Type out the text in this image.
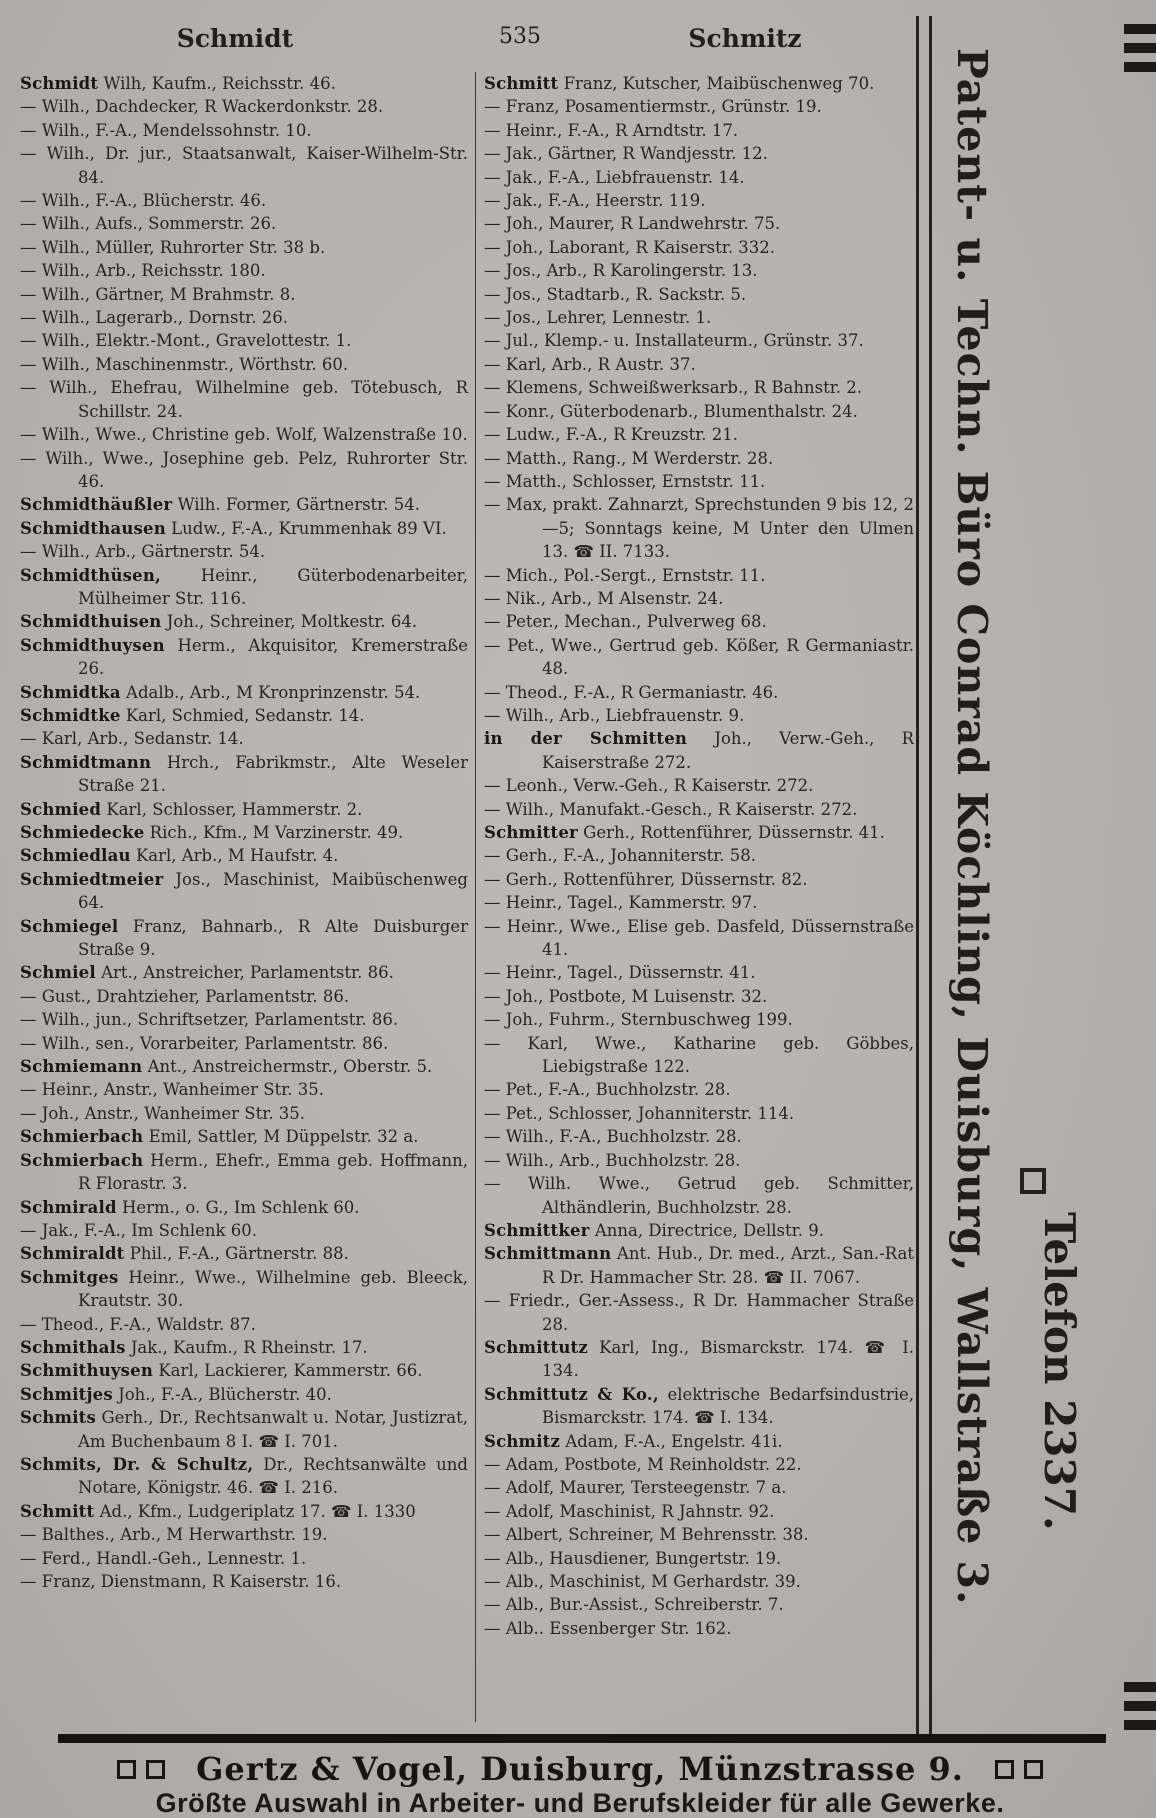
Schmidt	535	Schmitz

Schmidt Wilh, Kaufm., Reichsstr. 46.

— Wilh., Dachdecker, R Wackerdonkstr. 28.

— Wilh., F.-A., Mendelssohnstr. 10.

— Wilh., Dr. jur., Staatsanwalt, Kaiser-Wilhelm-Str. 84.

— Wilh., F.-A., Blücherstr. 46.

— Wilh., Aufs., Sommerstr. 26.

— Wilh., Müller, Ruhrorter Str. 38 b.

— Wilh., Arb., Reichsstr. 180.

— Wilh., Gärtner, M Brahmstr. 8.

— Wilh., Lagerarb., Dornstr. 26.

— Wilh., Elektr.-Mont., Gravelottestr. 1.

— Wilh., Maschinenmstr., Wörthstr. 60.

— Wilh., Ehefrau, Wilhelmine geb. Tötebusch, R Schillstr. 24.

— Wilh., Wwe., Christine geb. Wolf, Walzenstraße 10.

— Wilh., Wwe., Josephine geb. Pelz, Ruhrorter Str. 46.

Schmidthäußler Wilh. Former, Gärtnerstr. 54.

Schmidthausen Ludw., F.-A., Krummenhak 89 VI.

— Wilh., Arb., Gärtnerstr. 54.

Schmidthüsen, Heinr., Güterbodenarbeiter, Mülheimer Str. 116.

Schmidthuisen Joh., Schreiner, Moltkestr. 64.

Schmidthuysen Herm., Akquisitor, Kremerstraße 26.

Schmidtka Adalb., Arb., M Kronprinzenstr. 54.

Schmidtke Karl, Schmied, Sedanstr. 14.

— Karl, Arb., Sedanstr. 14.

Schmidtmann Hrch., Fabrikmstr., Alte Weseler Straße 21.

Schmied Karl, Schlosser, Hammerstr. 2.

Schmiedecke Rich., Kfm., M Varzinerstr. 49.

Schmiedlau Karl, Arb., M Haufstr. 4.

Schmiedtmeier Jos., Maschinist, Maibüschenweg 64.

Schmiegel Franz, Bahnarb., R Alte Duisburger Straße 9.

Schmiel Art., Anstreicher, Parlamentstr. 86.

— Gust., Drahtzieher, Parlamentstr. 86.

— Wilh., jun., Schriftsetzer, Parlamentstr. 86.

— Wilh., sen., Vorarbeiter, Parlamentstr. 86.

Schmiemann Ant., Anstreichermstr., Oberstr. 5.

— Heinr., Anstr., Wanheimer Str. 35.

— Joh., Anstr., Wanheimer Str. 35.

Schmierbach Emil, Sattler, M Düppelstr. 32 a.

Schmierbach Herm., Ehefr., Emma geb. Hoffmann, R Florastr. 3.

Schmirald Herm., o. G., Im Schlenk 60.

— Jak., F.-A., Im Schlenk 60.

Schmiraldt Phil., F.-A., Gärtnerstr. 88.

Schmitges Heinr., Wwe., Wilhelmine geb. Bleeck, Krautstr. 30.

— Theod., F.-A., Waldstr. 87.

Schmithals Jak., Kaufm., R Rheinstr. 17.

Schmithuysen Karl, Lackierer, Kammerstr. 66.

Schmitjes Joh., F.-A., Blücherstr. 40.

Schmits Gerh., Dr., Rechtsanwalt u. Notar, Justizrat, Am Buchenbaum 8 I. ☎ I. 701.

Schmits, Dr. & Schultz, Dr., Rechtsanwälte und Notare, Königstr. 46. ☎ I. 216.

Schmitt Ad., Kfm., Ludgeriplatz 17. ☎ I. 1330

— Balthes., Arb., M Herwarthstr. 19.

— Ferd., Handl.-Geh., Lennestr. 1.

— Franz, Dienstmann, R Kaiserstr. 16.

Schmitt Franz, Kutscher, Maibüschenweg 70.

— Franz, Posamentiermstr., Grünstr. 19.

— Heinr., F.-A., R Arndtstr. 17.

— Jak., Gärtner, R Wandjesstr. 12.

— Jak., F.-A., Liebfrauenstr. 14.

— Jak., F.-A., Heerstr. 119.

— Joh., Maurer, R Landwehrstr. 75.

— Joh., Laborant, R Kaiserstr. 332.

— Jos., Arb., R Karolingerstr. 13.

— Jos., Stadtarb., R. Sackstr. 5.

— Jos., Lehrer, Lennestr. 1.

— Jul., Klemp.- u. Installateurm., Grünstr. 37.

— Karl, Arb., R Austr. 37.

— Klemens, Schweißwerksarb., R Bahnstr. 2.

— Konr., Güterbodenarb., Blumenthalstr. 24.

— Ludw., F.-A., R Kreuzstr. 21.

— Matth., Rang., M Werderstr. 28.

— Matth., Schlosser, Ernststr. 11.

— Max, prakt. Zahnarzt, Sprechstunden 9 bis 12, 2—5; Sonntags keine, M Unter den Ulmen 13. ☎ II. 7133.

— Mich., Pol.-Sergt., Ernststr. 11.

— Nik., Arb., M Alsenstr. 24.

— Peter., Mechan., Pulverweg 68.

— Pet., Wwe., Gertrud geb. Kößer, R Germaniastr. 48.

— Theod., F.-A., R Germaniastr. 46.

— Wilh., Arb., Liebfrauenstr. 9.

in der Schmitten Joh., Verw.-Geh., R Kaiserstraße 272.

— Leonh., Verw.-Geh., R Kaiserstr. 272.

— Wilh., Manufakt.-Gesch., R Kaiserstr. 272.

Schmitter Gerh., Rottenführer, Düssernstr. 41.

— Gerh., F.-A., Johanniterstr. 58.

— Gerh., Rottenführer, Düssernstr. 82.

— Heinr., Tagel., Kammerstr. 97.

— Heinr., Wwe., Elise geb. Dasfeld, Düssernstraße 41.

— Heinr., Tagel., Düssernstr. 41.

— Joh., Postbote, M Luisenstr. 32.

— Joh., Fuhrm., Sternbuschweg 199.

— Karl, Wwe., Katharine geb. Göbbes, Liebigstraße 122.

— Pet., F.-A., Buchholzstr. 28.

— Pet., Schlosser, Johanniterstr. 114.

— Wilh., F.-A., Buchholzstr. 28.

— Wilh., Arb., Buchholzstr. 28.

— Wilh. Wwe., Getrud geb. Schmitter, Althändlerin, Buchholzstr. 28.

Schmittker Anna, Directrice, Dellstr. 9.

Schmittmann Ant. Hub., Dr. med., Arzt., San.-Rat R Dr. Hammacher Str. 28. ☎ II. 7067.

— Friedr., Ger.-Assess., R Dr. Hammacher Straße 28.

Schmittutz Karl, Ing., Bismarckstr. 174. ☎ I. 134.

Schmittutz & Ko., elektrische Bedarfsindustrie, Bismarckstr. 174. ☎ I. 134.

Schmitz Adam, F.-A., Engelstr. 41i.

— Adam, Postbote, M Reinholdstr. 22.

— Adolf, Maurer, Tersteegenstr. 7 a.

— Adolf, Maschinist, R Jahnstr. 92.

— Albert, Schreiner, M Behrensstr. 38.

— Alb., Hausdiener, Bungertstr. 19.

— Alb., Maschinist, M Gerhardstr. 39.

— Alb., Bur.-Assist., Schreiberstr. 7.

— Alb.. Essenberger Str. 162.

Patent- u. Techn. Büro Conrad Köchling, Duisburg, Wallstraße 3. Telefon 2337.
Gertz & Vogel, Duisburg, Münzstrasse 9.
Größte Auswahl in Arbeiter- und Berufskleider für alle Gewerke.
